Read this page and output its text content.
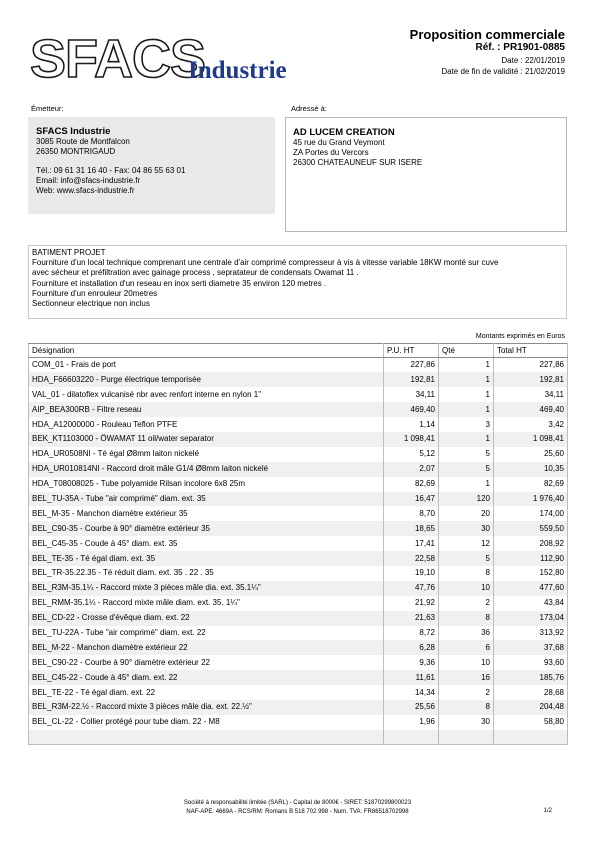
SFACS
Industrie
Proposition commerciale
Réf. : PR1901-0885
Date : 22/01/2019
Date de fin de validité : 21/02/2019
Émetteur:	Adressé à:
SFACS Industrie
3085 Route de Montfalcon
26350 MONTRIGAUD
Tél.: 09 61 31 16 40 - Fax: 04 86 55 63 01
Email: info@sfacs-industrie.fr
Web: www.sfacs-industrie.fr
AD LUCEM CREATION
45 rue du Grand Veymont
ZA Portes du Vercors
26300 CHATEAUNEUF SUR ISERE
BATIMENT PROJET
Fourniture d'un local technique comprenant une centrale d'air comprimé compresseur à vis à vitesse variable 18KW monté sur cuve
avec sécheur et préfiltration avec gainage process , sepratateur de condensats Owamat 11 .
Fourniture et installation d'un reseau en inox serti diametre 35 environ 120 metres .
Fourniture d'un enrouleur 20metres
Sectionneur electrique non inclus
Montants exprimés en Euros
Désignation	P.U. HT	Qté	Total HT
COM_01 - Frais de port	227,86	1	227,86
HDA_F66603220 - Purge électrique temporisée	192,81	1	192,81
VAL_01 - dilatoflex vulcanisé nbr avec renfort interne en nylon 1"	34,11	1	34,11
AIP_BEA300RB - Filtre reseau	469,40	1	469,40
HDA_A12000000 - Rouleau Teflon PTFE	1,14	3	3,42
BEK_KT1103000 - ÖWAMAT 11 oil/water separator	1 098,41	1	1 098,41
HDA_UR0508NI - Té égal Ø8mm laiton nickelé	5,12	5	25,60
HDA_UR010814NI - Raccord droit mâle G1/4 Ø8mm laiton nickelé	2,07	5	10,35
HDA_T08008025 - Tube polyamide Rilsan incolore 6x8 25m	82,69	1	82,69
BEL_TU-35A - Tube "air comprimé" diam. ext. 35	16,47	120	1 976,40
BEL_M-35 - Manchon diamètre extérieur 35	8,70	20	174,00
BEL_C90-35 - Courbe à 90° diamètre extérieur 35	18,65	30	559,50
BEL_C45-35 - Coude à 45° diam. ext. 35	17,41	12	208,92
BEL_TE-35 - Té égal diam. ext. 35	22,58	5	112,90
BEL_TR-35.22.35 - Té réduit diam. ext. 35 . 22 . 35	19,10	8	152,80
BEL_R3M-35.1¼ - Raccord mixte 3 pièces mâle dia. ext. 35.1¼"	47,76	10	477,60
BEL_RMM-35.1¼ - Raccord mixte mâle diam. ext. 35. 1¼"	21,92	2	43,84
BEL_CD-22 - Crosse d'évêque diam. ext. 22	21,63	8	173,04
BEL_TU-22A - Tube "air comprimé" diam. ext. 22	8,72	36	313,92
BEL_M-22 - Manchon diamètre extérieur 22	6,28	6	37,68
BEL_C90-22 - Courbe à 90° diamètre extérieur 22	9,36	10	93,60
BEL_C45-22 - Coude à 45° diam. ext. 22	11,61	16	185,76
BEL_TE-22 - Té égal diam. ext. 22	14,34	2	28,68
BEL_R3M-22.½ - Raccord mixte 3 pièces mâle dia. ext. 22.½"	25,56	8	204,48
BEL_CL-22 - Collier protégé pour tube diam. 22 - M8	1,96	30	58,80

Société à responsabilité limitée (SARL) - Capital de 8000€ - SIRET: 51870299800023
NAF-APE: 4669A - RCS/RM: Romans B 518 702 998 - Num. TVA: FR86518702998	1/2
